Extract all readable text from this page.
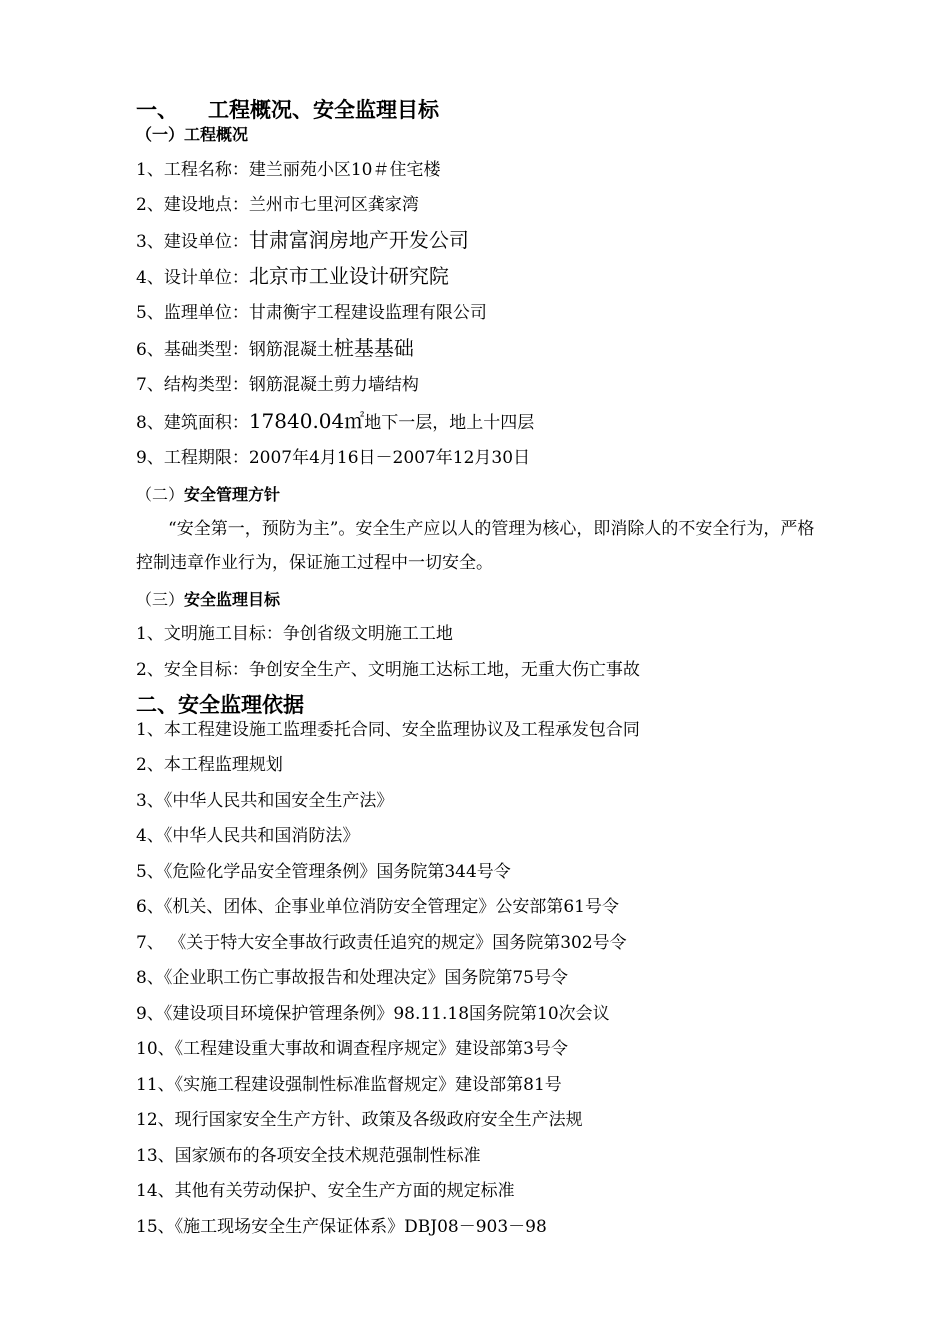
一、 工程概况、安全监理目标
（一）工程概况
1、工程名称：建兰丽苑小区10＃住宅楼
2、建设地点：兰州市七里河区龚家湾
3、建设单位：甘肃富润房地产开发公司
4、设计单位：北京市工业设计研究院
5、监理单位：甘肃衡宇工程建设监理有限公司
6、基础类型：钢筋混凝土桩基基础
7、结构类型：钢筋混凝土剪力墙结构
8、建筑面积：17840.04㎡地下一层，地上十四层
9、工程期限：2007年4月16日－2007年12月30日
（二）安全管理方针
“安全第一，预防为主”。安全生产应以人的管理为核心，即消除人的不安全行为，严格控制违章作业行为，保证施工过程中一切安全。
（三）安全监理目标
1、文明施工目标：争创省级文明施工工地
2、安全目标：争创安全生产、文明施工达标工地，无重大伤亡事故
二、安全监理依据
1、本工程建设施工监理委托合同、安全监理协议及工程承发包合同
2、本工程监理规划
3、《中华人民共和国安全生产法》
4、《中华人民共和国消防法》
5、《危险化学品安全管理条例》国务院第344号令
6、《机关、团体、企事业单位消防安全管理定》公安部第61号令
7、 《关于特大安全事故行政责任追究的规定》国务院第302号令
8、《企业职工伤亡事故报告和处理决定》国务院第75号令
9、《建设项目环境保护管理条例》98.11.18国务院第10次会议
10、《工程建设重大事故和调查程序规定》建设部第3号令
11、《实施工程建设强制性标准监督规定》建设部第81号
12、现行国家安全生产方针、政策及各级政府安全生产法规
13、国家颁布的各项安全技术规范强制性标准
14、其他有关劳动保护、安全生产方面的规定标准
15、《施工现场安全生产保证体系》DBJ08－903－98
